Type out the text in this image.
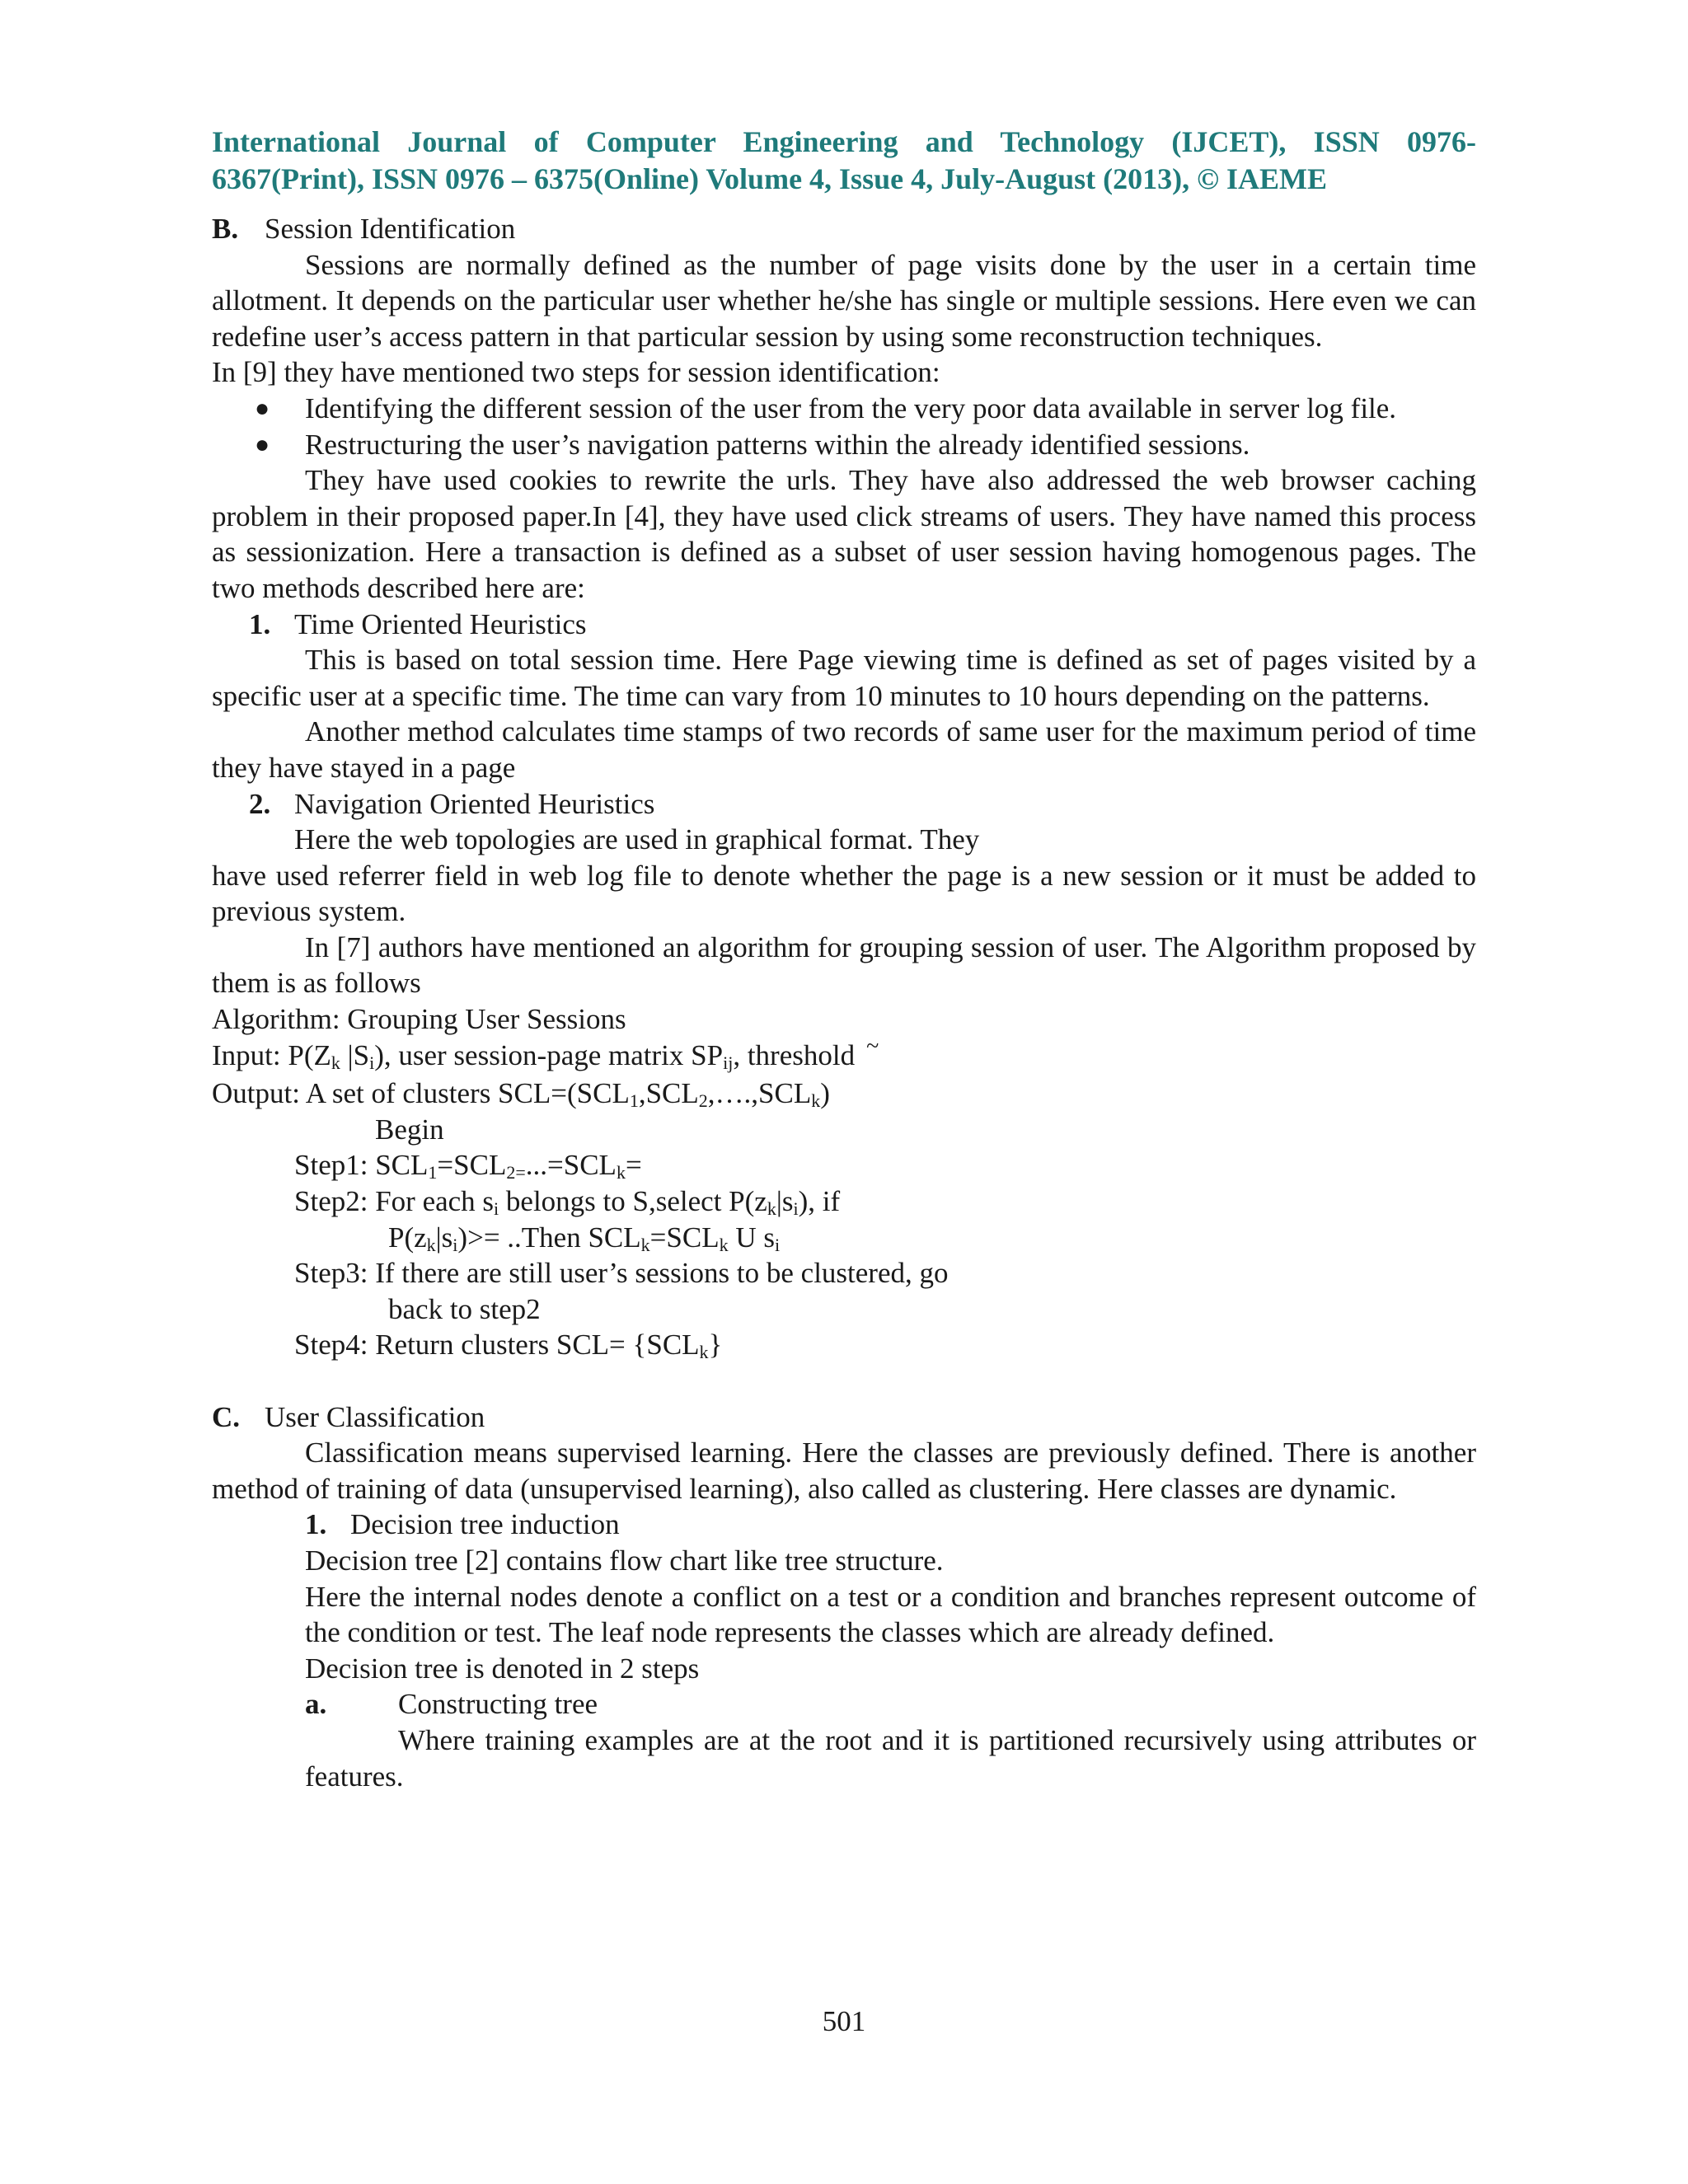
International Journal of Computer Engineering and Technology (IJCET), ISSN 0976-
6367(Print), ISSN 0976 – 6375(Online) Volume 4, Issue 4, July-August (2013), © IAEME
B. Session Identification

Sessions are normally defined as the number of page visits done by the user in a certain time allotment. It depends on the particular user whether he/she has single or multiple sessions. Here even we can redefine user’s access pattern in that particular session by using some reconstruction techniques.

In [9] they have mentioned two steps for session identification:

●	Identifying the different session of the user from the very poor data available in server log file.
●	Restructuring the user’s navigation patterns within the already identified sessions.

They have used cookies to rewrite the urls. They have also addressed the web browser caching problem in their proposed paper.In [4], they have used click streams of users. They have named this process as sessionization. Here a transaction is defined as a subset of user session having homogenous pages. The two methods described here are:

1. Time Oriented Heuristics

This is based on total session time. Here Page viewing time is defined as set of pages visited by a specific user at a specific time. The time can vary from 10 minutes to 10 hours depending on the patterns.

Another method calculates time stamps of two records of same user for the maximum period of time they have stayed in a page

2. Navigation Oriented Heuristics

Here the web topologies are used in graphical format. They

have used referrer field in web log file to denote whether the page is a new session or it must be added to previous system.

In [7] authors have mentioned an algorithm for grouping session of user. The Algorithm proposed by them is as follows

Algorithm: Grouping User Sessions

Input: $P(Z_k$ $|S_i$), user session-page matrix $SP_{ij}$, threshold ~

Output: A set of clusters $SCL=(SCL_1,SCL_2,\dots.,SCL_k)$

Begin

Step1: $SCL_1=SCL_{2=}...=SCL_k=$

Step2: For each $s_i$ belongs to S,select $P(z_k|s_i)$, if

$P(z_k|s_i)>=$ ..Then $SCL_k=SCL_k$ U $s_i$

Step3: If there are still user’s sessions to be clustered, go

back to step2

Step4: Return clusters $SCL= \{SCL_k\}$

C. User Classification

Classification means supervised learning. Here the classes are previously defined. There is another method of training of data (unsupervised learning), also called as clustering. Here classes are dynamic.

1. Decision tree induction

Decision tree [2] contains flow chart like tree structure.

Here the internal nodes denote a conflict on a test or a condition and branches represent outcome of the condition or test. The leaf node represents the classes which are already defined.

Decision tree is denoted in 2 steps

a.	Constructing tree

Where training examples are at the root and it is partitioned recursively using attributes or features.

501
